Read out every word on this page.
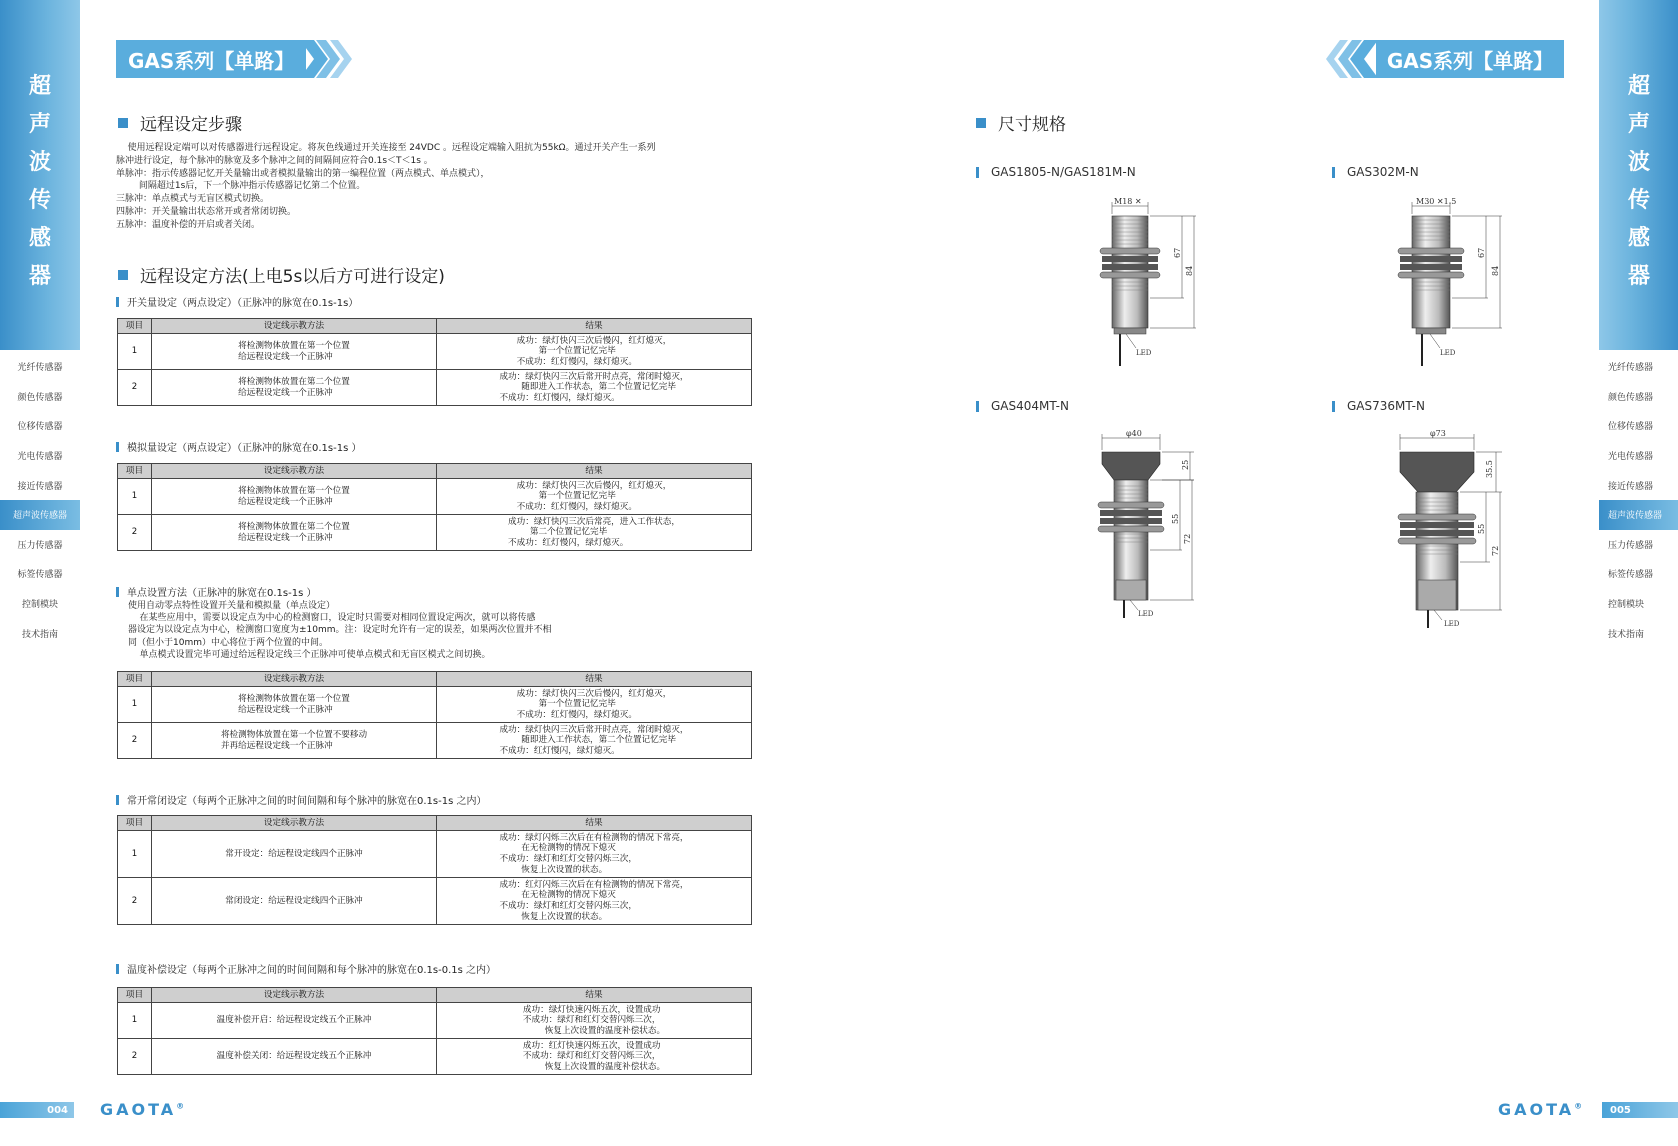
超
声
波
传
感
器
光纤传感器
颜色传感器
位移传感器
光电传感器
接近传感器
超声波传感器
压力传感器
标签传感器
控制模块
技术指南
超
声
波
传
感
器
光纤传感器
颜色传感器
位移传感器
光电传感器
接近传感器
超声波传感器
压力传感器
标签传感器
控制模块
技术指南
GAS系列【单路】	GAS系列【单路】
远程设定步骤
使用远程设定端可以对传感器进行远程设定。将灰色线通过开关连接至 24VDC 。远程设定端输入阻抗为55kΩ。通过开关产生一系列
脉冲进行设定，每个脉冲的脉宽及多个脉冲之间的间隔间应符合0.1s＜T＜1s 。
单脉冲：指示传感器记忆开关量输出或者模拟量输出的第一编程位置（两点模式、单点模式），
间隔超过1s后，下一个脉冲指示传感器记忆第二个位置。
三脉冲：单点模式与无盲区模式切换。
四脉冲：开关量输出状态常开或者常闭切换。
五脉冲：温度补偿的开启或者关闭。
远程设定方法(上电5s以后方可进行设定)
开关量设定（两点设定）（正脉冲的脉宽在0.1s-1s）
项目	设定线示教方法	结果
1	将检测物体放置在第一个位置
给远程设定线一个正脉冲	成功：绿灯快闪三次后慢闪，红灯熄灭，
第一个位置记忆完毕
不成功：红灯慢闪，绿灯熄灭。
2	将检测物体放置在第二个位置
给远程设定线一个正脉冲	成功：绿灯快闪三次后常开时点亮，常闭时熄灭，
随即进入工作状态，第二个位置记忆完毕
不成功：红灯慢闪，绿灯熄灭。
模拟量设定（两点设定）（正脉冲的脉宽在0.1s-1s ）
项目	设定线示教方法	结果
1	将检测物体放置在第一个位置
给远程设定线一个正脉冲	成功：绿灯快闪三次后慢闪，红灯熄灭，
第一个位置记忆完毕
不成功：红灯慢闪，绿灯熄灭。
2	将检测物体放置在第二个位置
给远程设定线一个正脉冲	成功：绿灯快闪三次后常亮，进入工作状态，
第二个位置记忆完毕
不成功：红灯慢闪，绿灯熄灭。
单点设置方法（正脉冲的脉宽在0.1s-1s ）
使用自动零点特性设置开关量和模拟量（单点设定）
在某些应用中，需要以设定点为中心的检测窗口，设定时只需要对相同位置设定两次，就可以将传感
器设定为以设定点为中心，检测窗口宽度为±10mm。注：设定时允许有一定的误差，如果两次位置并不相
同（但小于10mm）中心将位于两个位置的中间。
单点模式设置完毕可通过给远程设定线三个正脉冲可使单点模式和无盲区模式之间切换。
项目	设定线示教方法	结果
1	将检测物体放置在第一个位置
给远程设定线一个正脉冲	成功：绿灯快闪三次后慢闪，红灯熄灭，
第一个位置记忆完毕
不成功：红灯慢闪，绿灯熄灭。
2	将检测物体放置在第一个位置不要移动
并再给远程设定线一个正脉冲	成功：绿灯快闪三次后常开时点亮，常闭时熄灭，
随即进入工作状态，第二个位置记忆完毕
不成功：红灯慢闪，绿灯熄灭。
常开常闭设定（每两个正脉冲之间的时间间隔和每个脉冲的脉宽在0.1s-1s 之内）
项目	设定线示教方法	结果
1	常开设定：给远程设定线四个正脉冲	成功：绿灯闪烁三次后在有检测物的情况下常亮，
在无检测物的情况下熄灭
不成功：绿灯和红灯交替闪烁三次，
恢复上次设置的状态。
2	常闭设定：给远程设定线四个正脉冲	成功：红灯闪烁三次后在有检测物的情况下常亮，
在无检测物的情况下熄灭
不成功：绿灯和红灯交替闪烁三次，
恢复上次设置的状态。
温度补偿设定（每两个正脉冲之间的时间间隔和每个脉冲的脉宽在0.1s-0.1s 之内）
项目	设定线示教方法	结果
1	温度补偿开启：给远程设定线五个正脉冲	成功：绿灯快速闪烁五次，设置成功
不成功：绿灯和红灯交替闪烁三次，
恢复上次设置的温度补偿状态。
2	温度补偿关闭：给远程设定线五个正脉冲	成功：红灯快速闪烁五次，设置成功
不成功：绿灯和红灯交替闪烁三次，
恢复上次设置的温度补偿状态。
尺寸规格
GAS1805-N/GAS181M-N	GAS302M-N
GAS404MT-N	GAS736MT-N
M18 ✕
67
84
LED
M30 ✕1.5
67
84
LED
φ40
25
55
72
LED
φ73
35.5
55
72
LED
004 GAOTA®	GAOTA®	005
